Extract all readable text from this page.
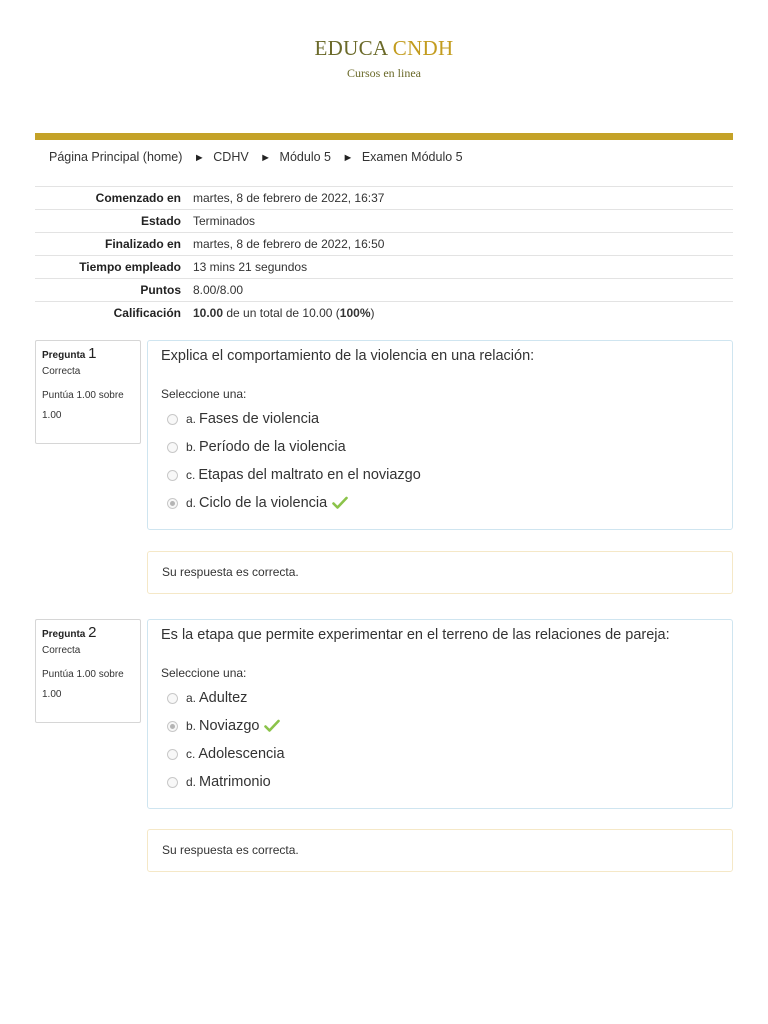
EDUCA CNDH
Cursos en linea
Página Principal (home) ► CDHV ► Módulo 5 ► Examen Módulo 5
Comenzado en	martes, 8 de febrero de 2022, 16:37
Estado	Terminados
Finalizado en	martes, 8 de febrero de 2022, 16:50
Tiempo empleado	13 mins 21 segundos
Puntos	8.00/8.00
Calificación	10.00 de un total de 10.00 (100%)
Pregunta 1
Correcta
Puntúa 1.00 sobre 1.00
Explica el comportamiento de la violencia en una relación:
Seleccione una:
a. Fases de violencia
b. Período de la violencia
c. Etapas del maltrato en el noviazgo
d. Ciclo de la violencia
Su respuesta es correcta.
Pregunta 2
Correcta
Puntúa 1.00 sobre 1.00
Es la etapa que permite experimentar en el terreno de las relaciones de pareja:
Seleccione una:
a. Adultez
b. Noviazgo
c. Adolescencia
d. Matrimonio
Su respuesta es correcta.
